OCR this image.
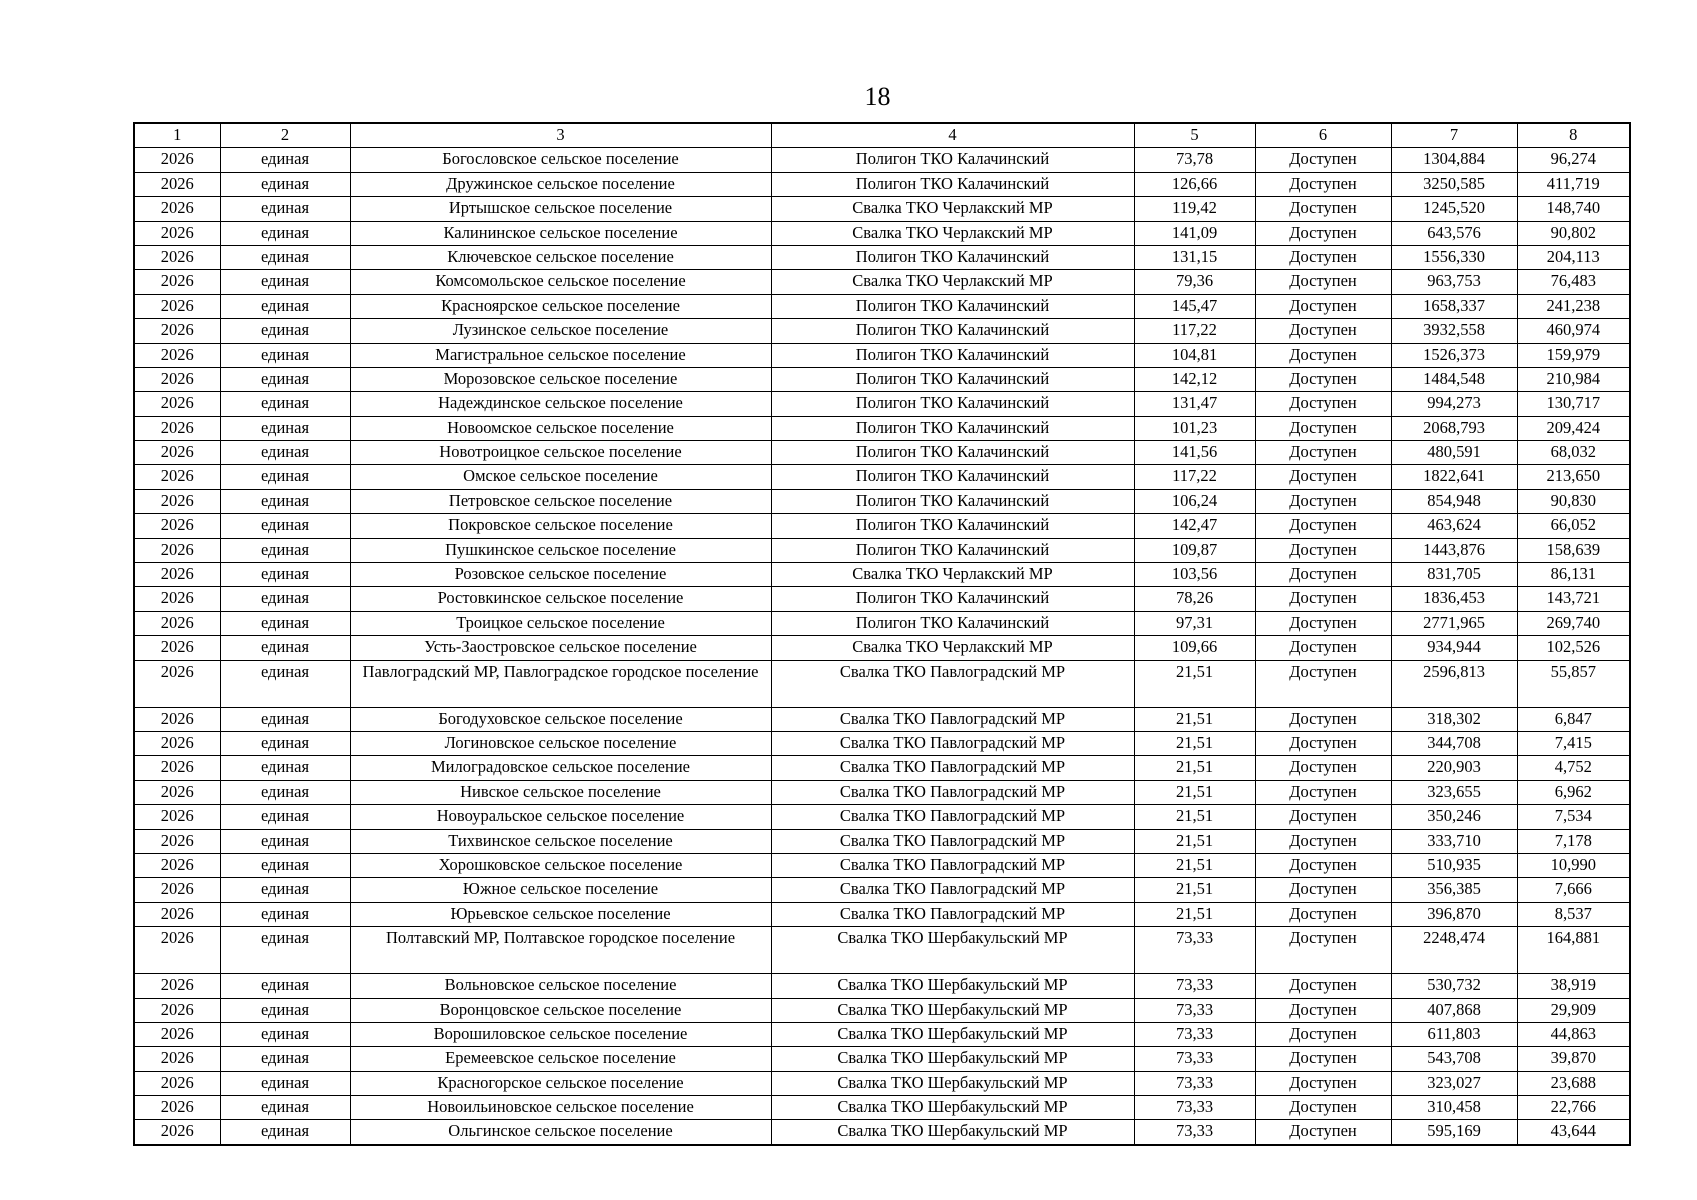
18
1	2	3	4	5	6	7	8
2026	единая	Богословское сельское поселение	Полигон ТКО Калачинский	73,78	Доступен	1304,884	96,274
2026	единая	Дружинское сельское поселение	Полигон ТКО Калачинский	126,66	Доступен	3250,585	411,719
2026	единая	Иртышское сельское поселение	Свалка ТКО Черлакский МР	119,42	Доступен	1245,520	148,740
2026	единая	Калининское сельское поселение	Свалка ТКО Черлакский МР	141,09	Доступен	643,576	90,802
2026	единая	Ключевское сельское поселение	Полигон ТКО Калачинский	131,15	Доступен	1556,330	204,113
2026	единая	Комсомольское сельское поселение	Свалка ТКО Черлакский МР	79,36	Доступен	963,753	76,483
2026	единая	Красноярское сельское поселение	Полигон ТКО Калачинский	145,47	Доступен	1658,337	241,238
2026	единая	Лузинское сельское поселение	Полигон ТКО Калачинский	117,22	Доступен	3932,558	460,974
2026	единая	Магистральное сельское поселение	Полигон ТКО Калачинский	104,81	Доступен	1526,373	159,979
2026	единая	Морозовское сельское поселение	Полигон ТКО Калачинский	142,12	Доступен	1484,548	210,984
2026	единая	Надеждинское сельское поселение	Полигон ТКО Калачинский	131,47	Доступен	994,273	130,717
2026	единая	Новоомское сельское поселение	Полигон ТКО Калачинский	101,23	Доступен	2068,793	209,424
2026	единая	Новотроицкое сельское поселение	Полигон ТКО Калачинский	141,56	Доступен	480,591	68,032
2026	единая	Омское сельское поселение	Полигон ТКО Калачинский	117,22	Доступен	1822,641	213,650
2026	единая	Петровское сельское поселение	Полигон ТКО Калачинский	106,24	Доступен	854,948	90,830
2026	единая	Покровское сельское поселение	Полигон ТКО Калачинский	142,47	Доступен	463,624	66,052
2026	единая	Пушкинское сельское поселение	Полигон ТКО Калачинский	109,87	Доступен	1443,876	158,639
2026	единая	Розовское сельское поселение	Свалка ТКО Черлакский МР	103,56	Доступен	831,705	86,131
2026	единая	Ростовкинское сельское поселение	Полигон ТКО Калачинский	78,26	Доступен	1836,453	143,721
2026	единая	Троицкое сельское поселение	Полигон ТКО Калачинский	97,31	Доступен	2771,965	269,740
2026	единая	Усть-Заостровское сельское поселение	Свалка ТКО Черлакский МР	109,66	Доступен	934,944	102,526
2026	единая	Павлоградский МР, Павлоградское городское поселение	Свалка ТКО Павлоградский МР	21,51	Доступен	2596,813	55,857
2026	единая	Богодуховское сельское поселение	Свалка ТКО Павлоградский МР	21,51	Доступен	318,302	6,847
2026	единая	Логиновское сельское поселение	Свалка ТКО Павлоградский МР	21,51	Доступен	344,708	7,415
2026	единая	Милоградовское сельское поселение	Свалка ТКО Павлоградский МР	21,51	Доступен	220,903	4,752
2026	единая	Нивское сельское поселение	Свалка ТКО Павлоградский МР	21,51	Доступен	323,655	6,962
2026	единая	Новоуральское сельское поселение	Свалка ТКО Павлоградский МР	21,51	Доступен	350,246	7,534
2026	единая	Тихвинское сельское поселение	Свалка ТКО Павлоградский МР	21,51	Доступен	333,710	7,178
2026	единая	Хорошковское сельское поселение	Свалка ТКО Павлоградский МР	21,51	Доступен	510,935	10,990
2026	единая	Южное сельское поселение	Свалка ТКО Павлоградский МР	21,51	Доступен	356,385	7,666
2026	единая	Юрьевское сельское поселение	Свалка ТКО Павлоградский МР	21,51	Доступен	396,870	8,537
2026	единая	Полтавский МР, Полтавское городское поселение	Свалка ТКО Шербакульский МР	73,33	Доступен	2248,474	164,881
2026	единая	Вольновское сельское поселение	Свалка ТКО Шербакульский МР	73,33	Доступен	530,732	38,919
2026	единая	Воронцовское сельское поселение	Свалка ТКО Шербакульский МР	73,33	Доступен	407,868	29,909
2026	единая	Ворошиловское сельское поселение	Свалка ТКО Шербакульский МР	73,33	Доступен	611,803	44,863
2026	единая	Еремеевское сельское поселение	Свалка ТКО Шербакульский МР	73,33	Доступен	543,708	39,870
2026	единая	Красногорское сельское поселение	Свалка ТКО Шербакульский МР	73,33	Доступен	323,027	23,688
2026	единая	Новоильиновское сельское поселение	Свалка ТКО Шербакульский МР	73,33	Доступен	310,458	22,766
2026	единая	Ольгинское сельское поселение	Свалка ТКО Шербакульский МР	73,33	Доступен	595,169	43,644
